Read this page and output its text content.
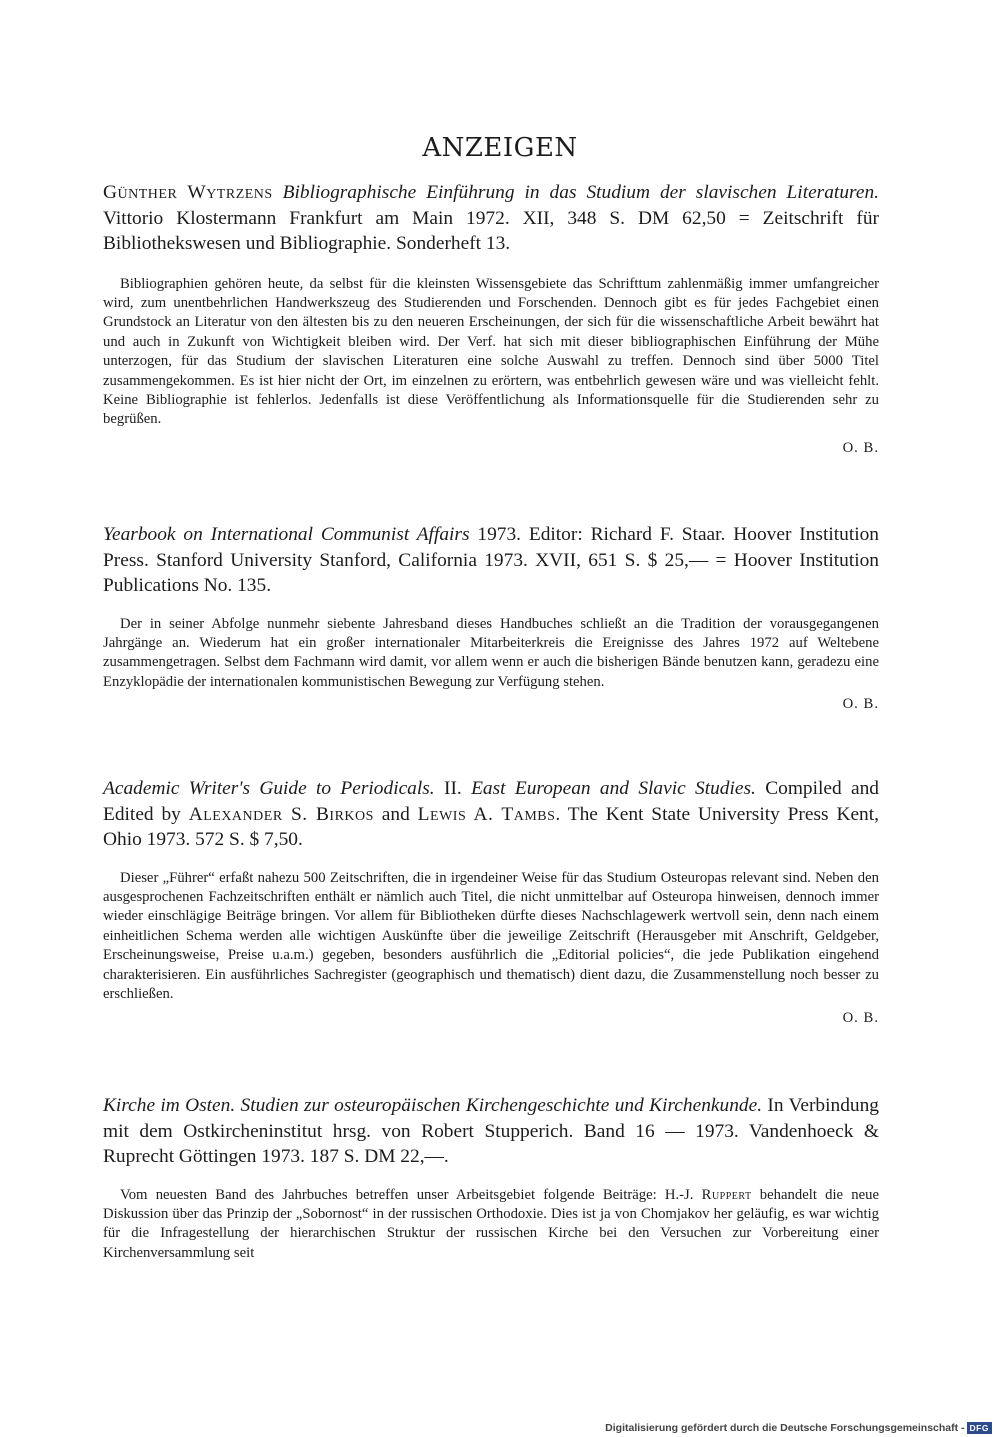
ANZEIGEN

Günther Wytrzens Bibliographische Einführung in das Studium der slavischen Literaturen. Vittorio Klostermann Frankfurt am Main 1972. XII, 348 S. DM 62,50 = Zeitschrift für Bibliothekswesen und Bibliographie. Sonderheft 13.

Bibliographien gehören heute, da selbst für die kleinsten Wissensgebiete das Schrifttum zahlenmäßig immer umfangreicher wird, zum unentbehrlichen Handwerkszeug des Studierenden und Forschenden. Dennoch gibt es für jedes Fachgebiet einen Grundstock an Literatur von den ältesten bis zu den neueren Erscheinungen, der sich für die wissenschaftliche Arbeit bewährt hat und auch in Zukunft von Wichtigkeit bleiben wird. Der Verf. hat sich mit dieser bibliographischen Einführung der Mühe unterzogen, für das Studium der slavischen Literaturen eine solche Auswahl zu treffen. Dennoch sind über 5000 Titel zusammengekommen. Es ist hier nicht der Ort, im einzelnen zu erörtern, was entbehrlich gewesen wäre und was vielleicht fehlt. Keine Bibliographie ist fehlerlos. Jedenfalls ist diese Veröffentlichung als Informationsquelle für die Studierenden sehr zu begrüßen.

O. B.

Yearbook on International Communist Affairs 1973. Editor: Richard F. Staar. Hoover Institution Press. Stanford University Stanford, California 1973. XVII, 651 S. $ 25,— = Hoover Institution Publications No. 135.

Der in seiner Abfolge nunmehr siebente Jahresband dieses Handbuches schließt an die Tradition der vorausgegangenen Jahrgänge an. Wiederum hat ein großer internationaler Mitarbeiterkreis die Ereignisse des Jahres 1972 auf Weltebene zusammengetragen. Selbst dem Fachmann wird damit, vor allem wenn er auch die bisherigen Bände benutzen kann, geradezu eine Enzyklopädie der internationalen kommunistischen Bewegung zur Verfügung stehen.

O. B.

Academic Writer's Guide to Periodicals. II. East European and Slavic Studies. Compiled and Edited by Alexander S. Birkos and Lewis A. Tambs. The Kent State University Press Kent, Ohio 1973. 572 S. $ 7,50.

Dieser „Führer“ erfaßt nahezu 500 Zeitschriften, die in irgendeiner Weise für das Studium Osteuropas relevant sind. Neben den ausgesprochenen Fachzeitschriften enthält er nämlich auch Titel, die nicht unmittelbar auf Osteuropa hinweisen, dennoch immer wieder einschlägige Beiträge bringen. Vor allem für Bibliotheken dürfte dieses Nachschlagewerk wertvoll sein, denn nach einem einheitlichen Schema werden alle wichtigen Auskünfte über die jeweilige Zeitschrift (Herausgeber mit Anschrift, Geldgeber, Erscheinungsweise, Preise u.a.m.) gegeben, besonders ausführlich die „Editorial policies“, die jede Publikation eingehend charakterisieren. Ein ausführliches Sachregister (geographisch und thematisch) dient dazu, die Zusammenstellung noch besser zu erschließen.

O. B.

Kirche im Osten. Studien zur osteuropäischen Kirchengeschichte und Kirchenkunde. In Verbindung mit dem Ostkircheninstitut hrsg. von Robert Stupperich. Band 16 — 1973. Vandenhoeck & Ruprecht Göttingen 1973. 187 S. DM 22,—.

Vom neuesten Band des Jahrbuches betreffen unser Arbeitsgebiet folgende Beiträge: H.-J. Ruppert behandelt die neue Diskussion über das Prinzip der „Sobornost“ in der russischen Orthodoxie. Dies ist ja von Chomjakov her geläufig, es war wichtig für die Infragestellung der hierarchischen Struktur der russischen Kirche bei den Versuchen zur Vorbereitung einer Kirchenversammlung seit

Digitalisierung gefördert durch die Deutsche Forschungsgemeinschaft - DFG
